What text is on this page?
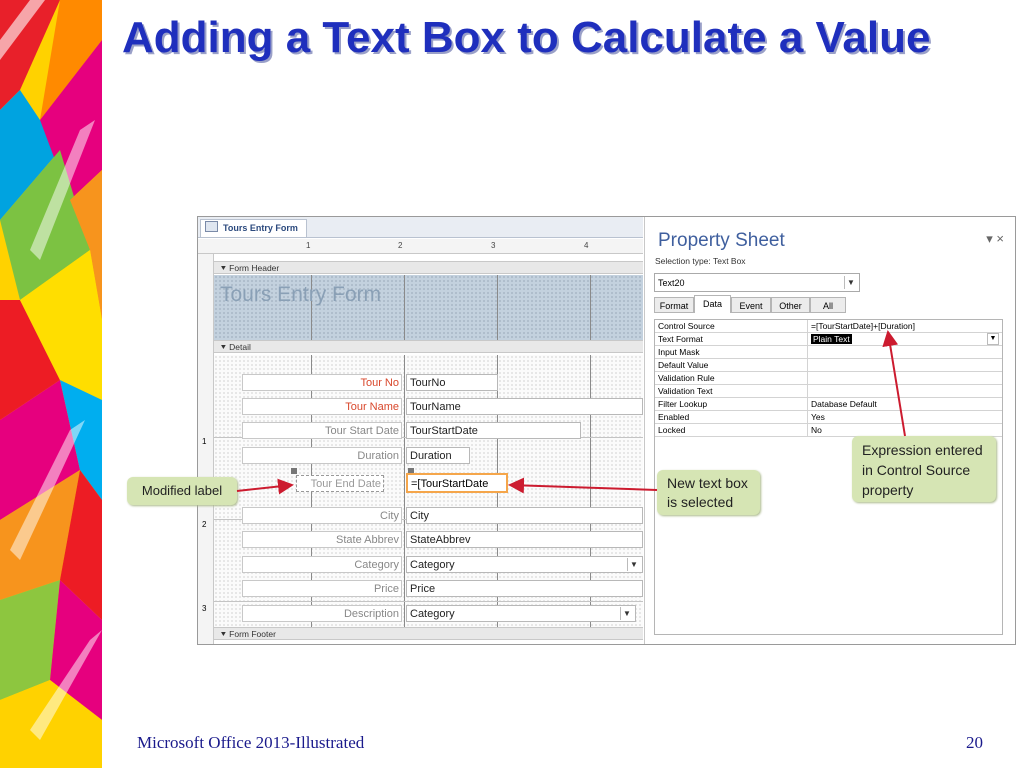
Adding a Text Box to Calculate a Value
Tours Entry Form
1	2	3	4
1
2
3
⯆ Form Header
Tours Entry Form
⯆ Detail
Tour No	TourNo
Tour Name	TourName
Tour Start Date	TourStartDate
Duration	Duration
Tour End Date	=[TourStartDate
City	City
State Abbrev	StateAbbrev
Category	Category	▼
Price	Price
Description	Category	▼
⯆ Form Footer
Property Sheet	▾ ×
Selection type: Text Box
Text20	▼
Format	Data	Event	Other	All
Control Source	=[TourStartDate]+[Duration]
Text Format	Plain Text	▼
Input Mask
Default Value
Validation Rule
Validation Text
Filter Lookup	Database Default
Enabled	Yes
Locked	No
Modified label	New text box
is selected
Expression entered
in Control Source
property
Microsoft Office 2013-Illustrated	20
